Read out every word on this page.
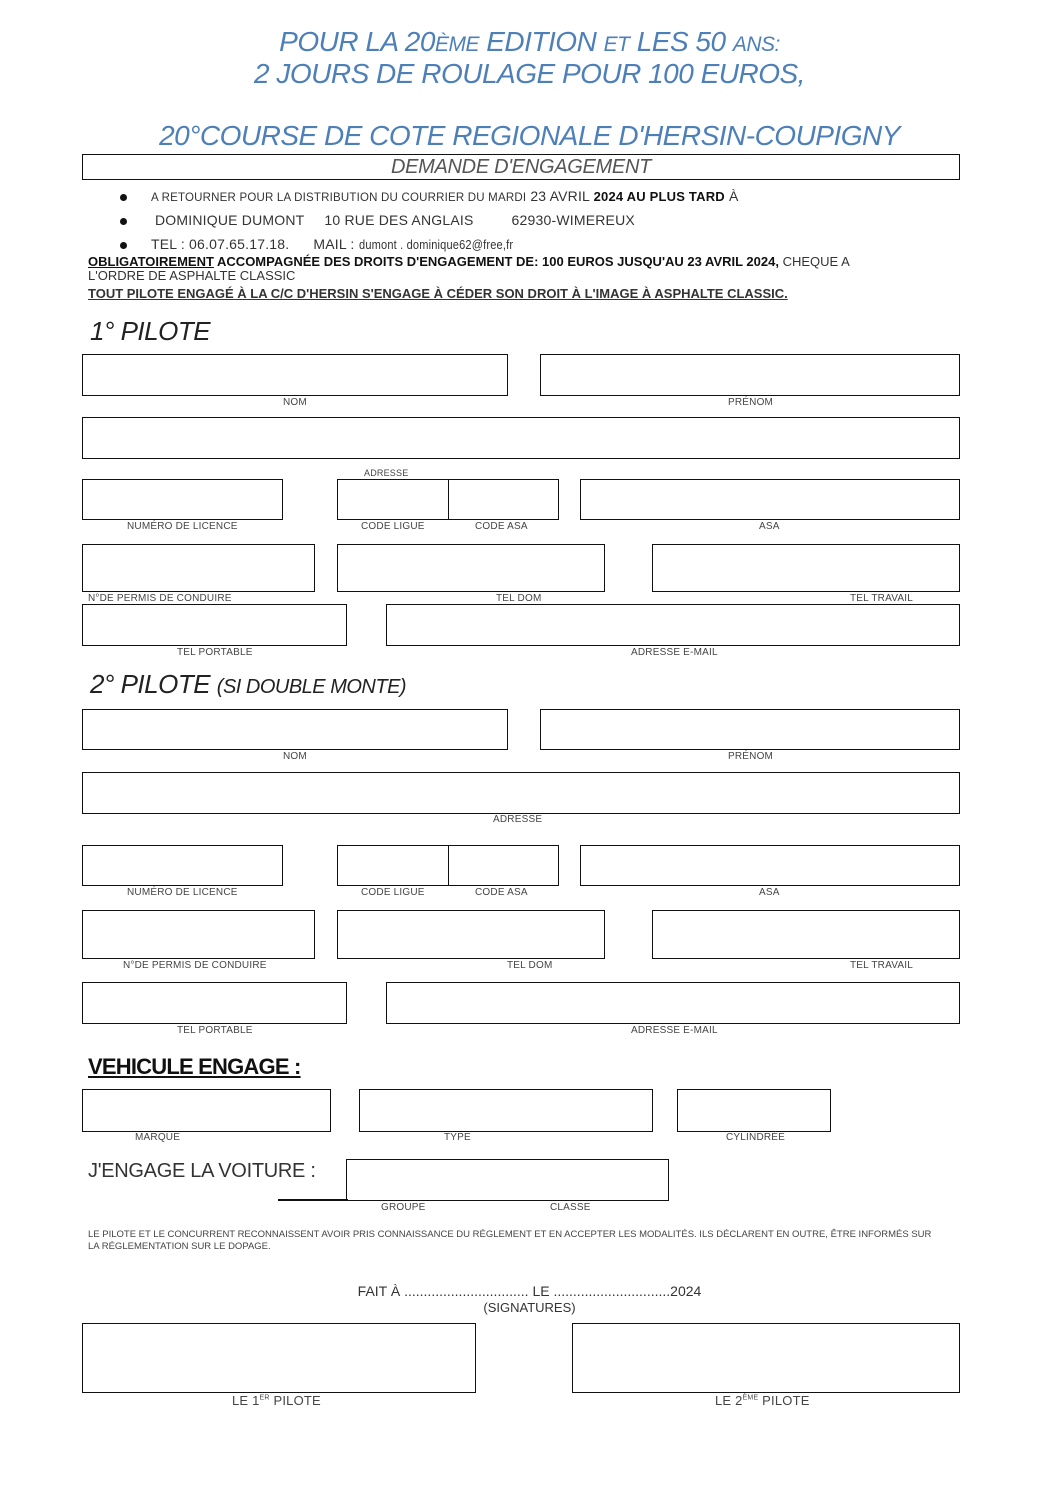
POUR LA 20ÈME EDITION ET LES 50 ANS:
2 JOURS DE ROULAGE POUR 100 EUROS,
20°COURSE DE COTE REGIONALE D'HERSIN-COUPIGNY
DEMANDE D'ENGAGEMENT
A RETOURNER POUR LA DISTRIBUTION DU COURRIER DU MARDI 23 AVRIL 2024 AU PLUS TARD À
DOMINIQUE DUMONT 10 RUE DES ANGLAIS	62930-WIMEREUX
TEL : 06.07.65.17.18. MAIL : dumont . dominique62@free,fr
OBLIGATOIREMENT ACCOMPAGNÉE DES DROITS D'ENGAGEMENT DE: 100 EUROS JUSQU'AU 23 AVRIL 2024, CHEQUE A
L'ORDRE DE ASPHALTE CLASSIC
TOUT PILOTE ENGAGÉ À LA C/C D'HERSIN S'ENGAGE À CÉDER SON DROIT À L'IMAGE À ASPHALTE CLASSIC.
1° PILOTE
NOM	PRÉNOM
ADRESSE
NUMÉRO DE LICENCE	CODE LIGUE	CODE ASA	ASA
N°DE PERMIS DE CONDUIRE	TEL DOM	TEL TRAVAIL
TEL PORTABLE	ADRESSE E-MAIL
2° PILOTE (SI DOUBLE MONTE)
NOM	PRÉNOM
ADRESSE
NUMÉRO DE LICENCE	CODE LIGUE	CODE ASA	ASA
N°DE PERMIS DE CONDUIRE	TEL DOM	TEL TRAVAIL
TEL PORTABLE	ADRESSE E-MAIL
VEHICULE ENGAGE :
MARQUE	TYPE	CYLINDRÉE
J'ENGAGE LA VOITURE :
GROUPE	CLASSE
LE PILOTE ET LE CONCURRENT RECONNAISSENT AVOIR PRIS CONNAISSANCE DU RÉGLEMENT ET EN ACCEPTER LES MODALITÉS. ILS DÉCLARENT EN OUTRE, ÊTRE INFORMÉS SUR
LA RÉGLEMENTATION SUR LE DOPAGE.
FAIT À ................................ LE ..............................2024
(SIGNATURES)
LE 1ER PILOTE	LE 2ÈME PILOTE
